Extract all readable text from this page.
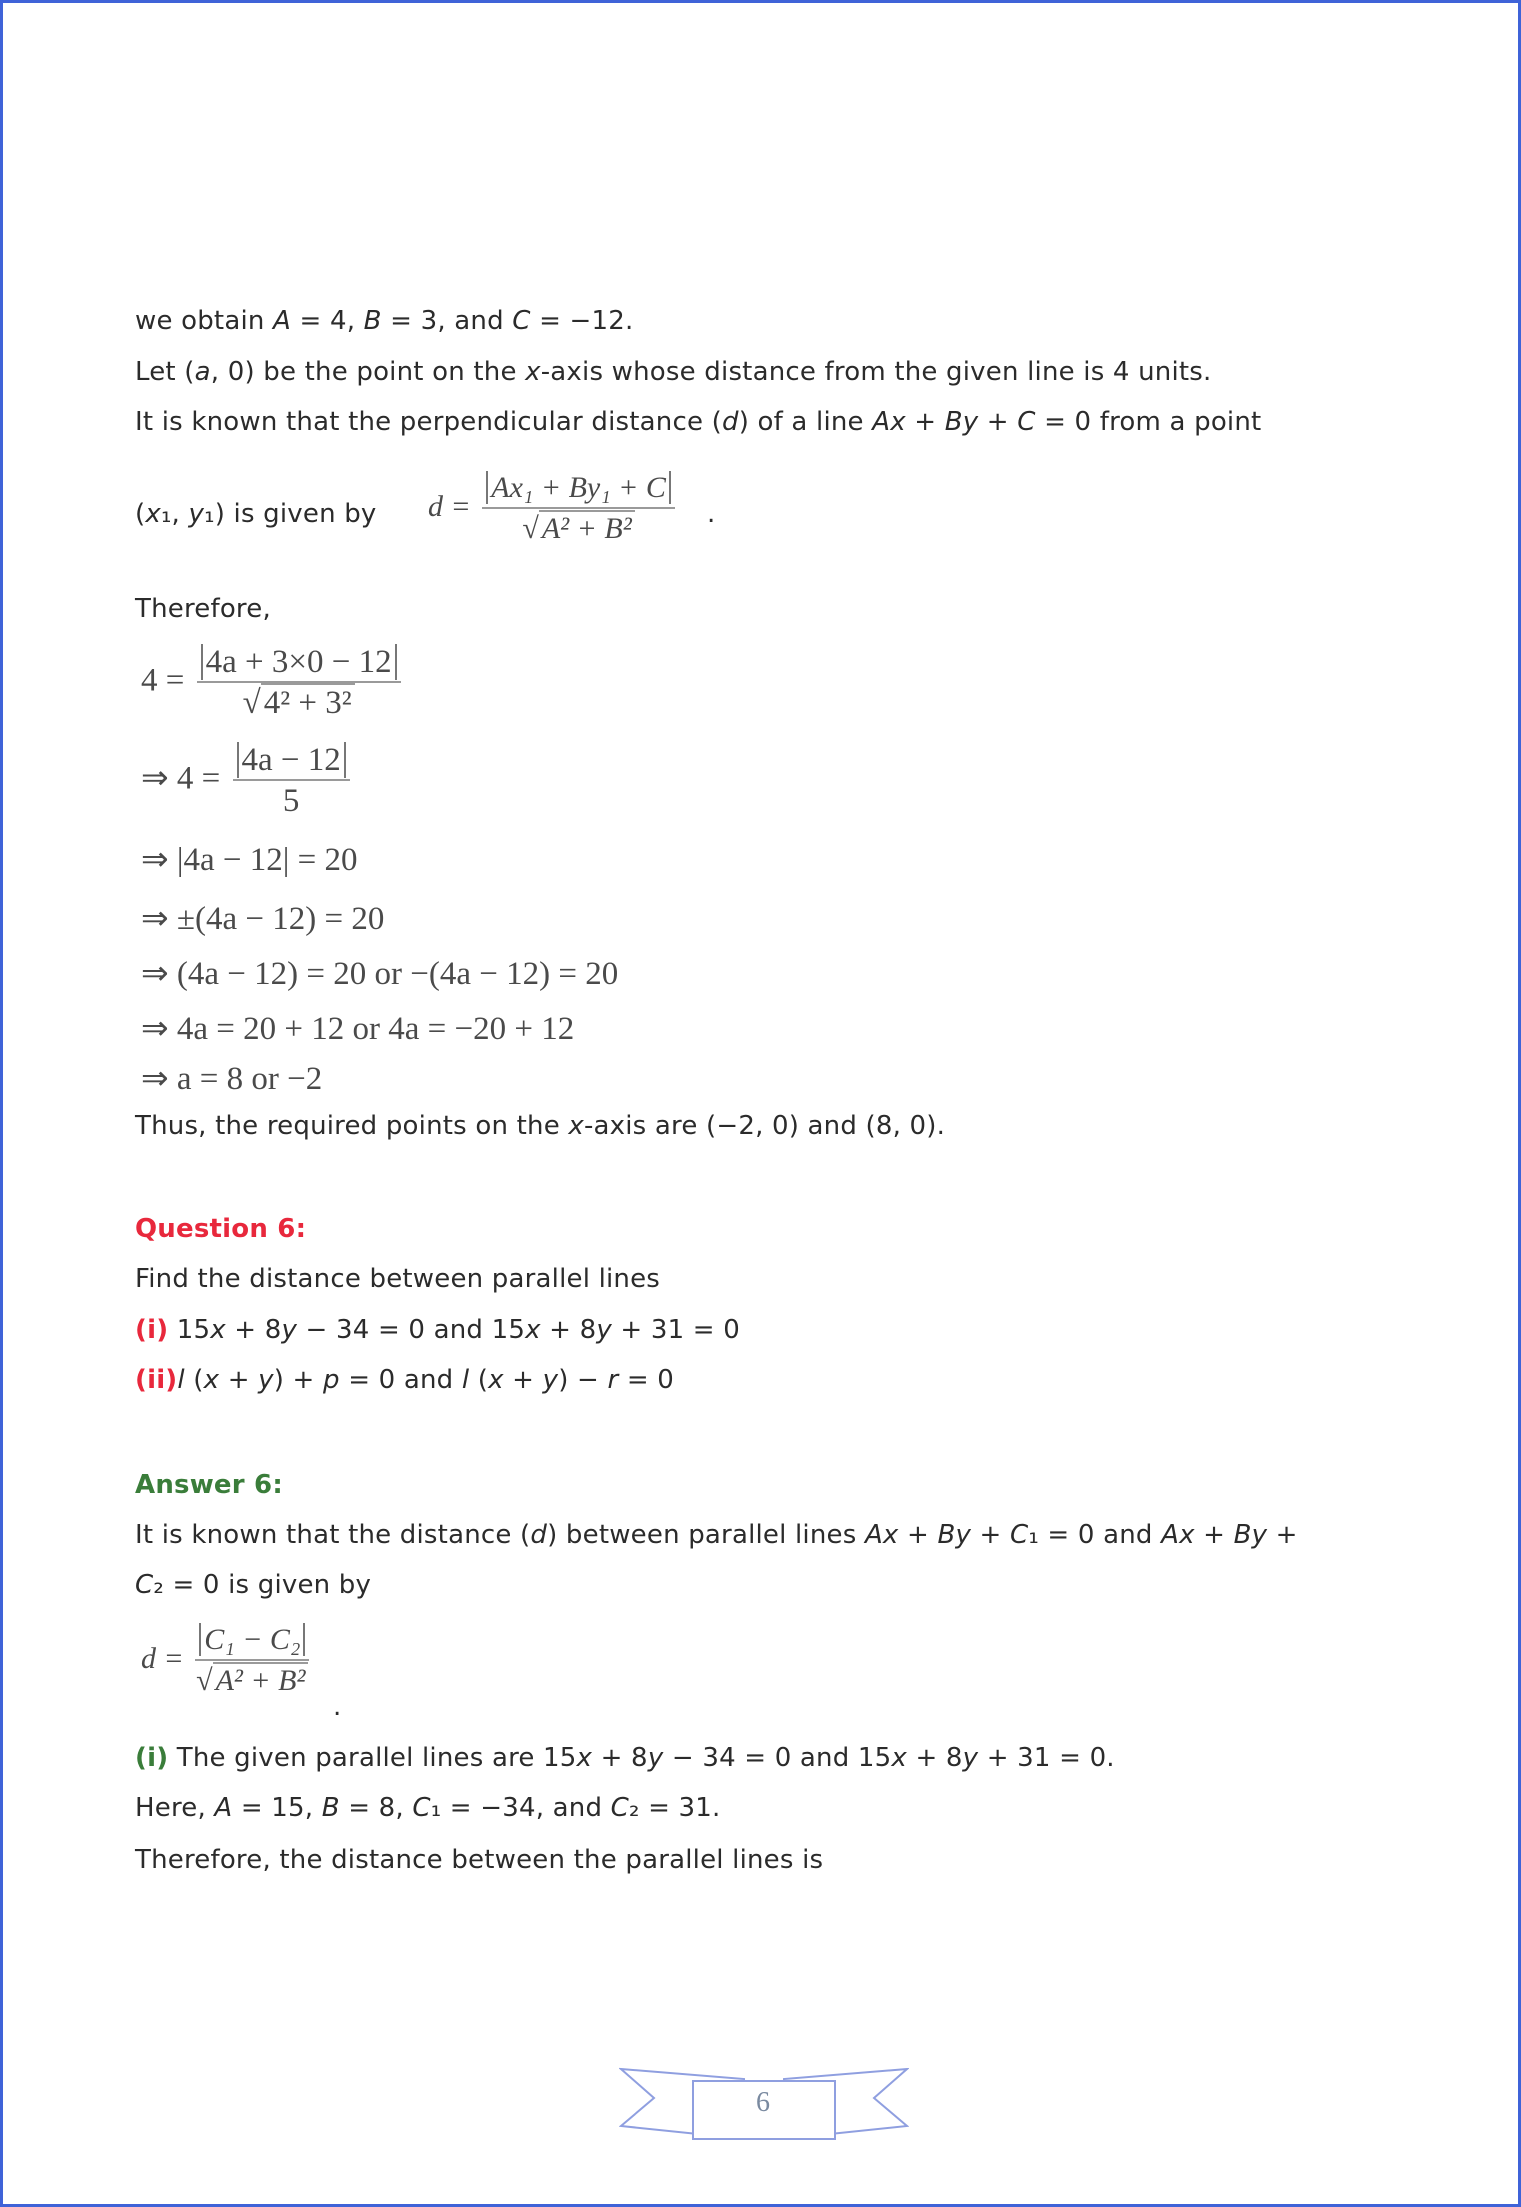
we obtain A = 4, B = 3, and C = −12.
Let (a, 0) be the point on the x-axis whose distance from the given line is 4 units.
It is known that the perpendicular distance (d) of a line Ax + By + C = 0 from a point
(x₁, y₁) is given by $d = \frac{\text{Ax₁ + By₁ + C}}{\text{√ A² + B²}}$ .
Therefore,
$4 = \frac{4a + 3\times 0 - 12}{\text{√4² + 3²}}$
⇒ $4 = \frac{4a - 12}{5}$
⇒ |4a − 12| = 20
⇒ ±(4a − 12) = 20
⇒ (4a − 12) = 20 or −(4a − 12) = 20
⇒ 4a = 20 + 12 or 4a = −20 + 12
⇒ a = 8 or −2
Thus, the required points on the x-axis are (−2, 0) and (8, 0).
Question 6:
Find the distance between parallel lines
(i) 15x + 8y − 34 = 0 and 15x + 8y + 31 = 0
(ii)l (x + y) + p = 0 and l (x + y) − r = 0
Answer 6:
It is known that the distance (d) between parallel lines Ax + By + C₁ = 0 and Ax + By +
C₂ = 0 is given by
$d = \frac{\text{C₁ − C₂}}{\text{√ A² + B²}}$
.
(i) The given parallel lines are 15x + 8y − 34 = 0 and 15x + 8y + 31 = 0.
Here, A = 15, B = 8, C₁ = −34, and C₂ = 31.
Therefore, the distance between the parallel lines is
6
